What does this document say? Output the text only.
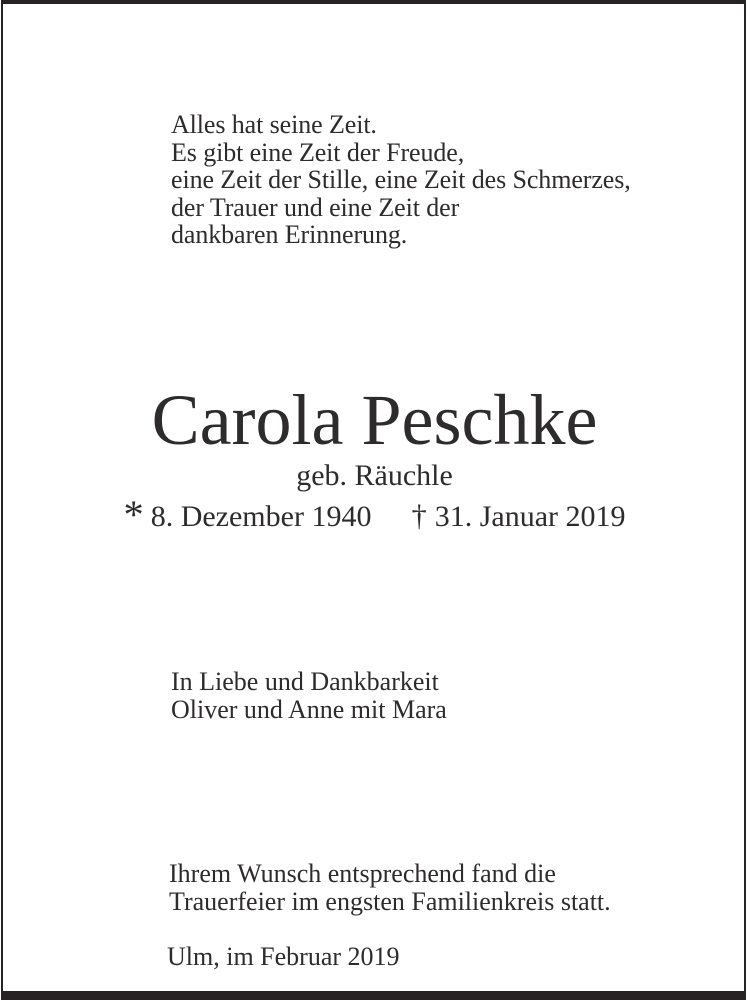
Alles hat seine Zeit.
Es gibt eine Zeit der Freude,
eine Zeit der Stille, eine Zeit des Schmerzes,
der Trauer und eine Zeit der
dankbaren Erinnerung.
Carola Peschke
geb. Räuchle
* 8. Dezember 1940 † 31. Januar 2019
In Liebe und Dankbarkeit
Oliver und Anne mit Mara
Ihrem Wunsch entsprechend fand die
Trauerfeier im engsten Familienkreis statt.
Ulm, im Februar 2019
